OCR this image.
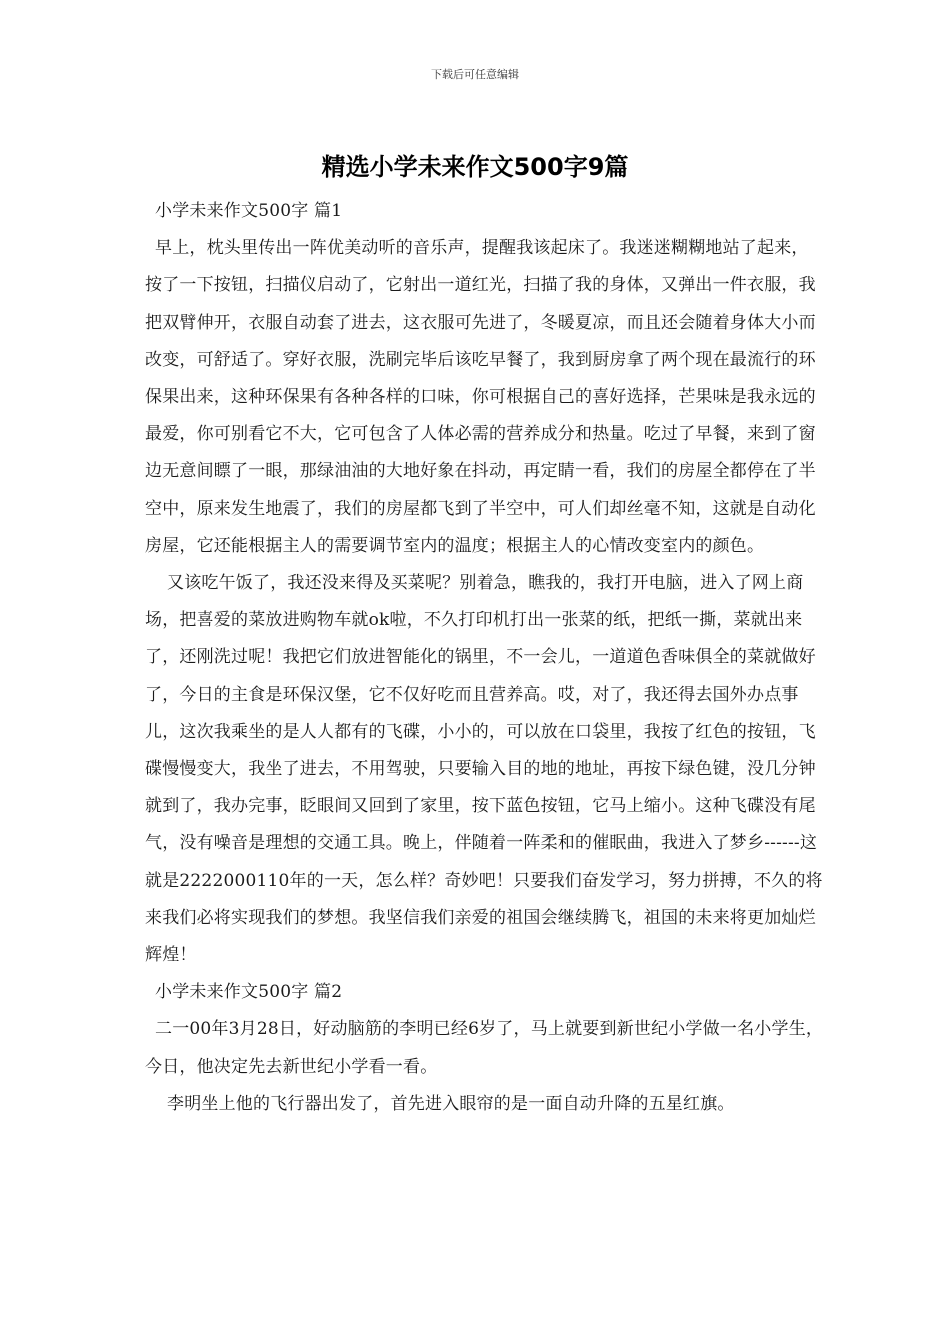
下载后可任意编辑
精选小学未来作文500字9篇

小学未来作文500字 篇1

早上，枕头里传出一阵优美动听的音乐声，提醒我该起床了。我迷迷糊糊地站了起来，按了一下按钮，扫描仪启动了，它射出一道红光，扫描了我的身体，又弹出一件衣服，我把双臂伸开，衣服自动套了进去，这衣服可先进了，冬暖夏凉，而且还会随着身体大小而改变，可舒适了。穿好衣服，洗刷完毕后该吃早餐了，我到厨房拿了两个现在最流行的环保果出来，这种环保果有各种各样的口味，你可根据自己的喜好选择，芒果味是我永远的最爱，你可别看它不大，它可包含了人体必需的营养成分和热量。吃过了早餐，来到了窗边无意间瞟了一眼，那绿油油的大地好象在抖动，再定睛一看，我们的房屋全都停在了半空中，原来发生地震了，我们的房屋都飞到了半空中，可人们却丝毫不知，这就是自动化房屋，它还能根据主人的需要调节室内的温度；根据主人的心情改变室内的颜色。

又该吃午饭了，我还没来得及买菜呢？别着急，瞧我的，我打开电脑，进入了网上商场，把喜爱的菜放进购物车就ok啦，不久打印机打出一张菜的纸，把纸一撕，菜就出来了，还刚洗过呢！我把它们放进智能化的锅里，不一会儿，一道道色香味俱全的菜就做好了，今日的主食是环保汉堡，它不仅好吃而且营养高。哎，对了，我还得去国外办点事儿，这次我乘坐的是人人都有的飞碟，小小的，可以放在口袋里，我按了红色的按钮，飞碟慢慢变大，我坐了进去，不用驾驶，只要输入目的地的地址，再按下绿色键，没几分钟就到了，我办完事，眨眼间又回到了家里，按下蓝色按钮，它马上缩小。这种飞碟没有尾气，没有噪音是理想的交通工具。晚上，伴随着一阵柔和的催眠曲，我进入了梦乡------这就是2222000110年的一天，怎么样？奇妙吧！只要我们奋发学习，努力拼搏，不久的将来我们必将实现我们的梦想。我坚信我们亲爱的祖国会继续腾飞，祖国的未来将更加灿烂辉煌！

小学未来作文500字 篇2

二一00年3月28日，好动脑筋的李明已经6岁了，马上就要到新世纪小学做一名小学生，今日，他决定先去新世纪小学看一看。

李明坐上他的飞行器出发了，首先进入眼帘的是一面自动升降的五星红旗。
